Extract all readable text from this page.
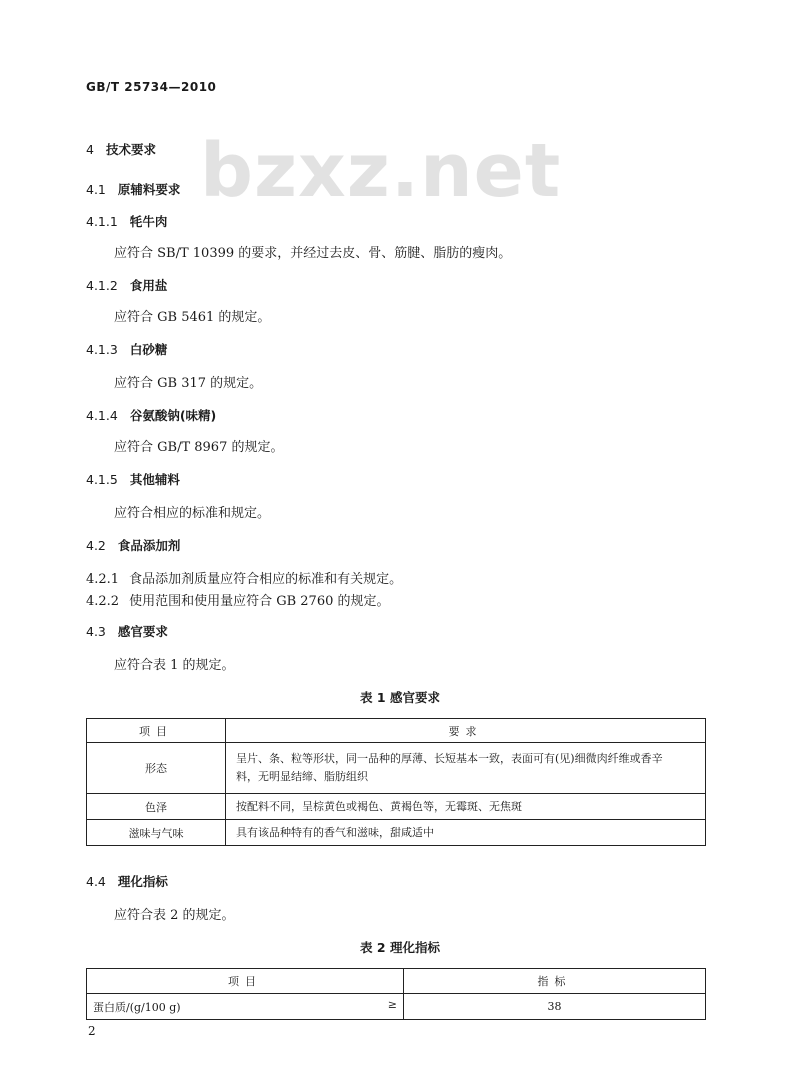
bzxz.net
GB/T 25734—2010
4 技术要求
4.1 原辅料要求
4.1.1 牦牛肉
应符合 SB/T 10399 的要求，并经过去皮、骨、筋腱、脂肪的瘦肉。
4.1.2 食用盐
应符合 GB 5461 的规定。
4.1.3 白砂糖
应符合 GB 317 的规定。
4.1.4 谷氨酸钠(味精)
应符合 GB/T 8967 的规定。
4.1.5 其他辅料
应符合相应的标准和规定。
4.2 食品添加剂
4.2.1 食品添加剂质量应符合相应的标准和有关规定。
4.2.2 使用范围和使用量应符合 GB 2760 的规定。
4.3 感官要求
应符合表 1 的规定。
表 1 感官要求
项目	要求
形态	呈片、条、粒等形状，同一品种的厚薄、长短基本一致，表面可有(见)细微肉纤维或香辛
料，无明显结缔、脂肪组织

色泽	按配料不同，呈棕黄色或褐色、黄褐色等，无霉斑、无焦斑
滋味与气味	具有该品种特有的香气和滋味，甜咸适中
4.4 理化指标
应符合表 2 的规定。
表 2 理化指标
项目	指标
蛋白质/(g/100 g) ≥	38
2
